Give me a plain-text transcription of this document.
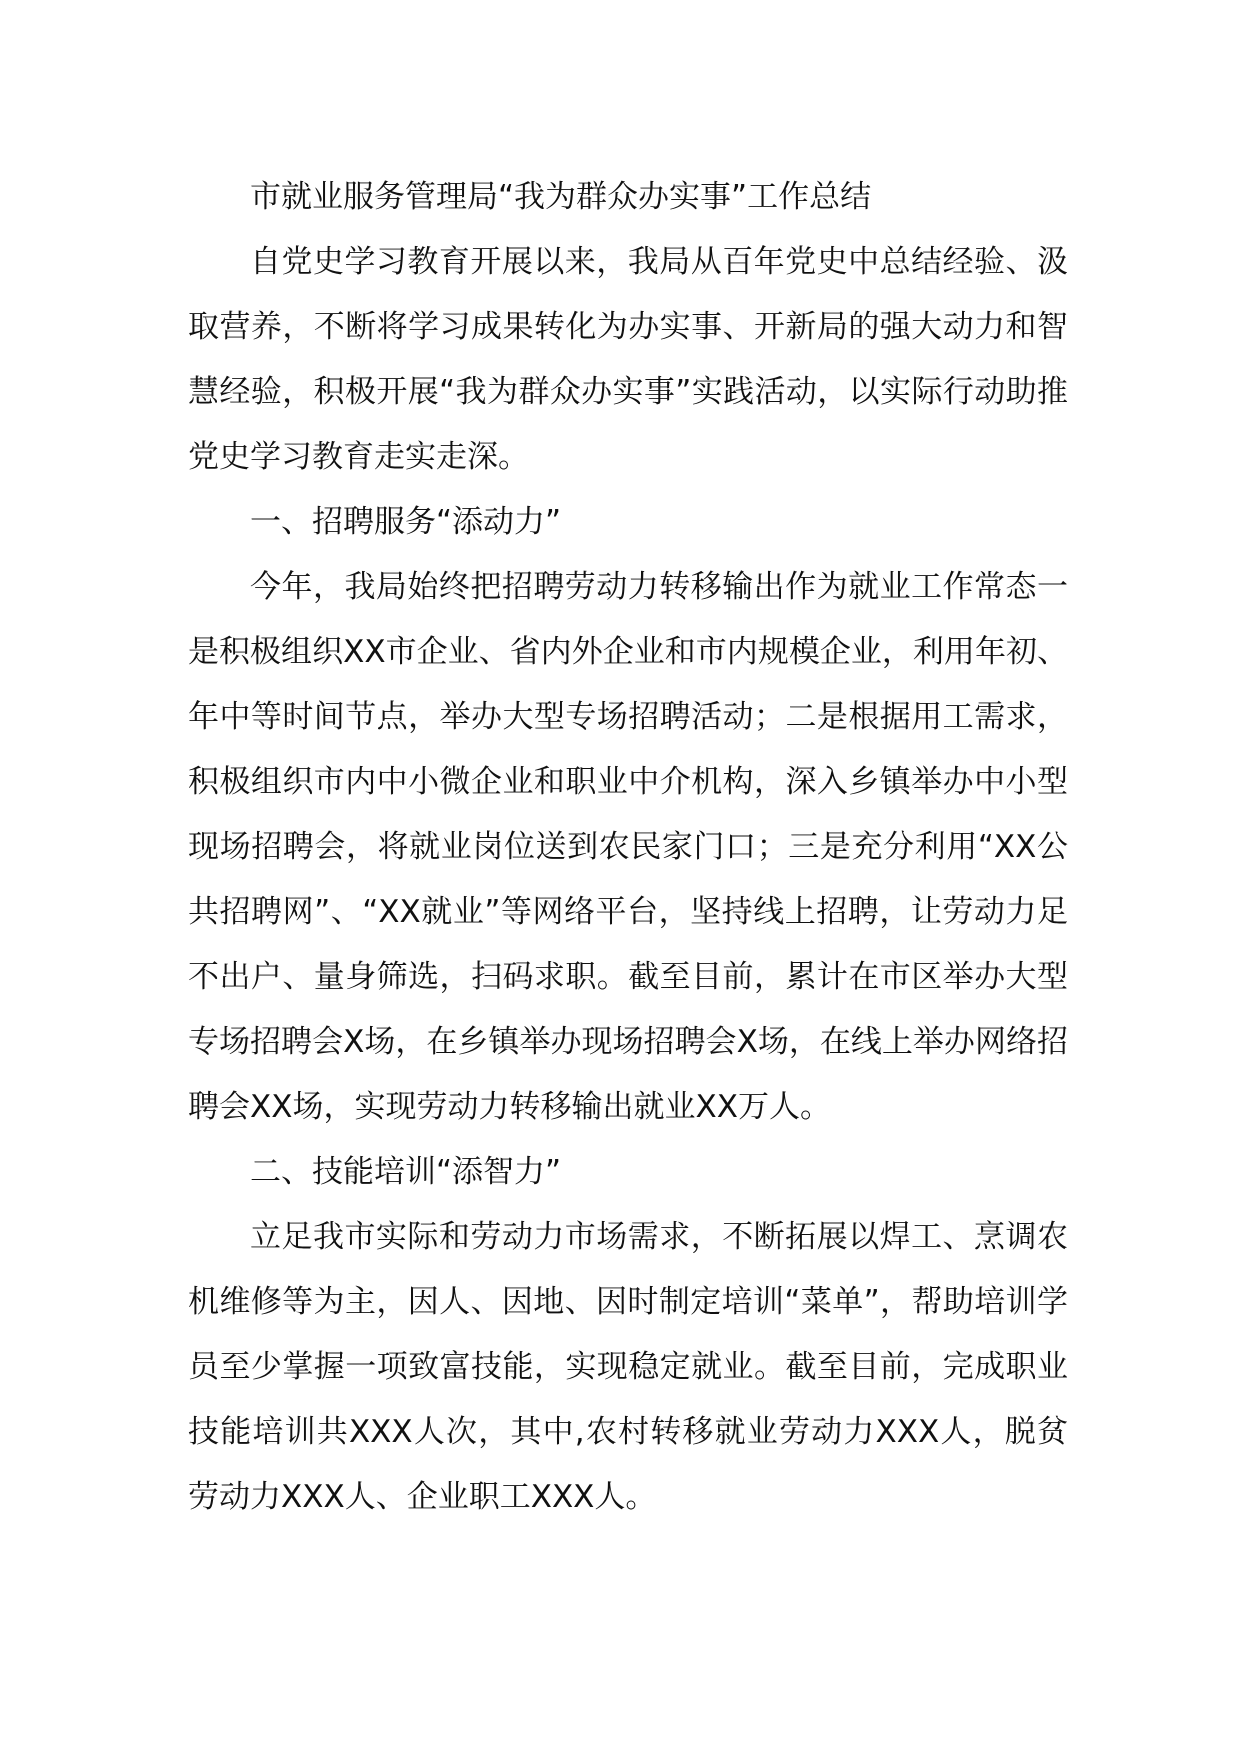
市就业服务管理局“我为群众办实事”工作总结

自党史学习教育开展以来，我局从百年党史中总结经验、汲取营养，不断将学习成果转化为办实事、开新局的强大动力和智慧经验，积极开展“我为群众办实事”实践活动，以实际行动助推党史学习教育走实走深。

一、招聘服务“添动力”

今年，我局始终把招聘劳动力转移输出作为就业工作常态一是积极组织XX市企业、省内外企业和市内规模企业，利用年初、年中等时间节点，举办大型专场招聘活动；二是根据用工需求，积极组织市内中小微企业和职业中介机构，深入乡镇举办中小型现场招聘会，将就业岗位送到农民家门口；三是充分利用“XX公共招聘网”、“XX就业”等网络平台，坚持线上招聘，让劳动力足不出户、量身筛选，扫码求职。截至目前，累计在市区举办大型专场招聘会X场，在乡镇举办现场招聘会X场，在线上举办网络招聘会XX场，实现劳动力转移输出就业XX万人。

二、技能培训“添智力”

立足我市实际和劳动力市场需求，不断拓展以焊工、烹调农机维修等为主，因人、因地、因时制定培训“菜单”，帮助培训学员至少掌握一项致富技能，实现稳定就业。截至目前，完成职业技能培训共XXX人次，其中,农村转移就业劳动力XXX人，脱贫劳动力XXX人、企业职工XXX人。
